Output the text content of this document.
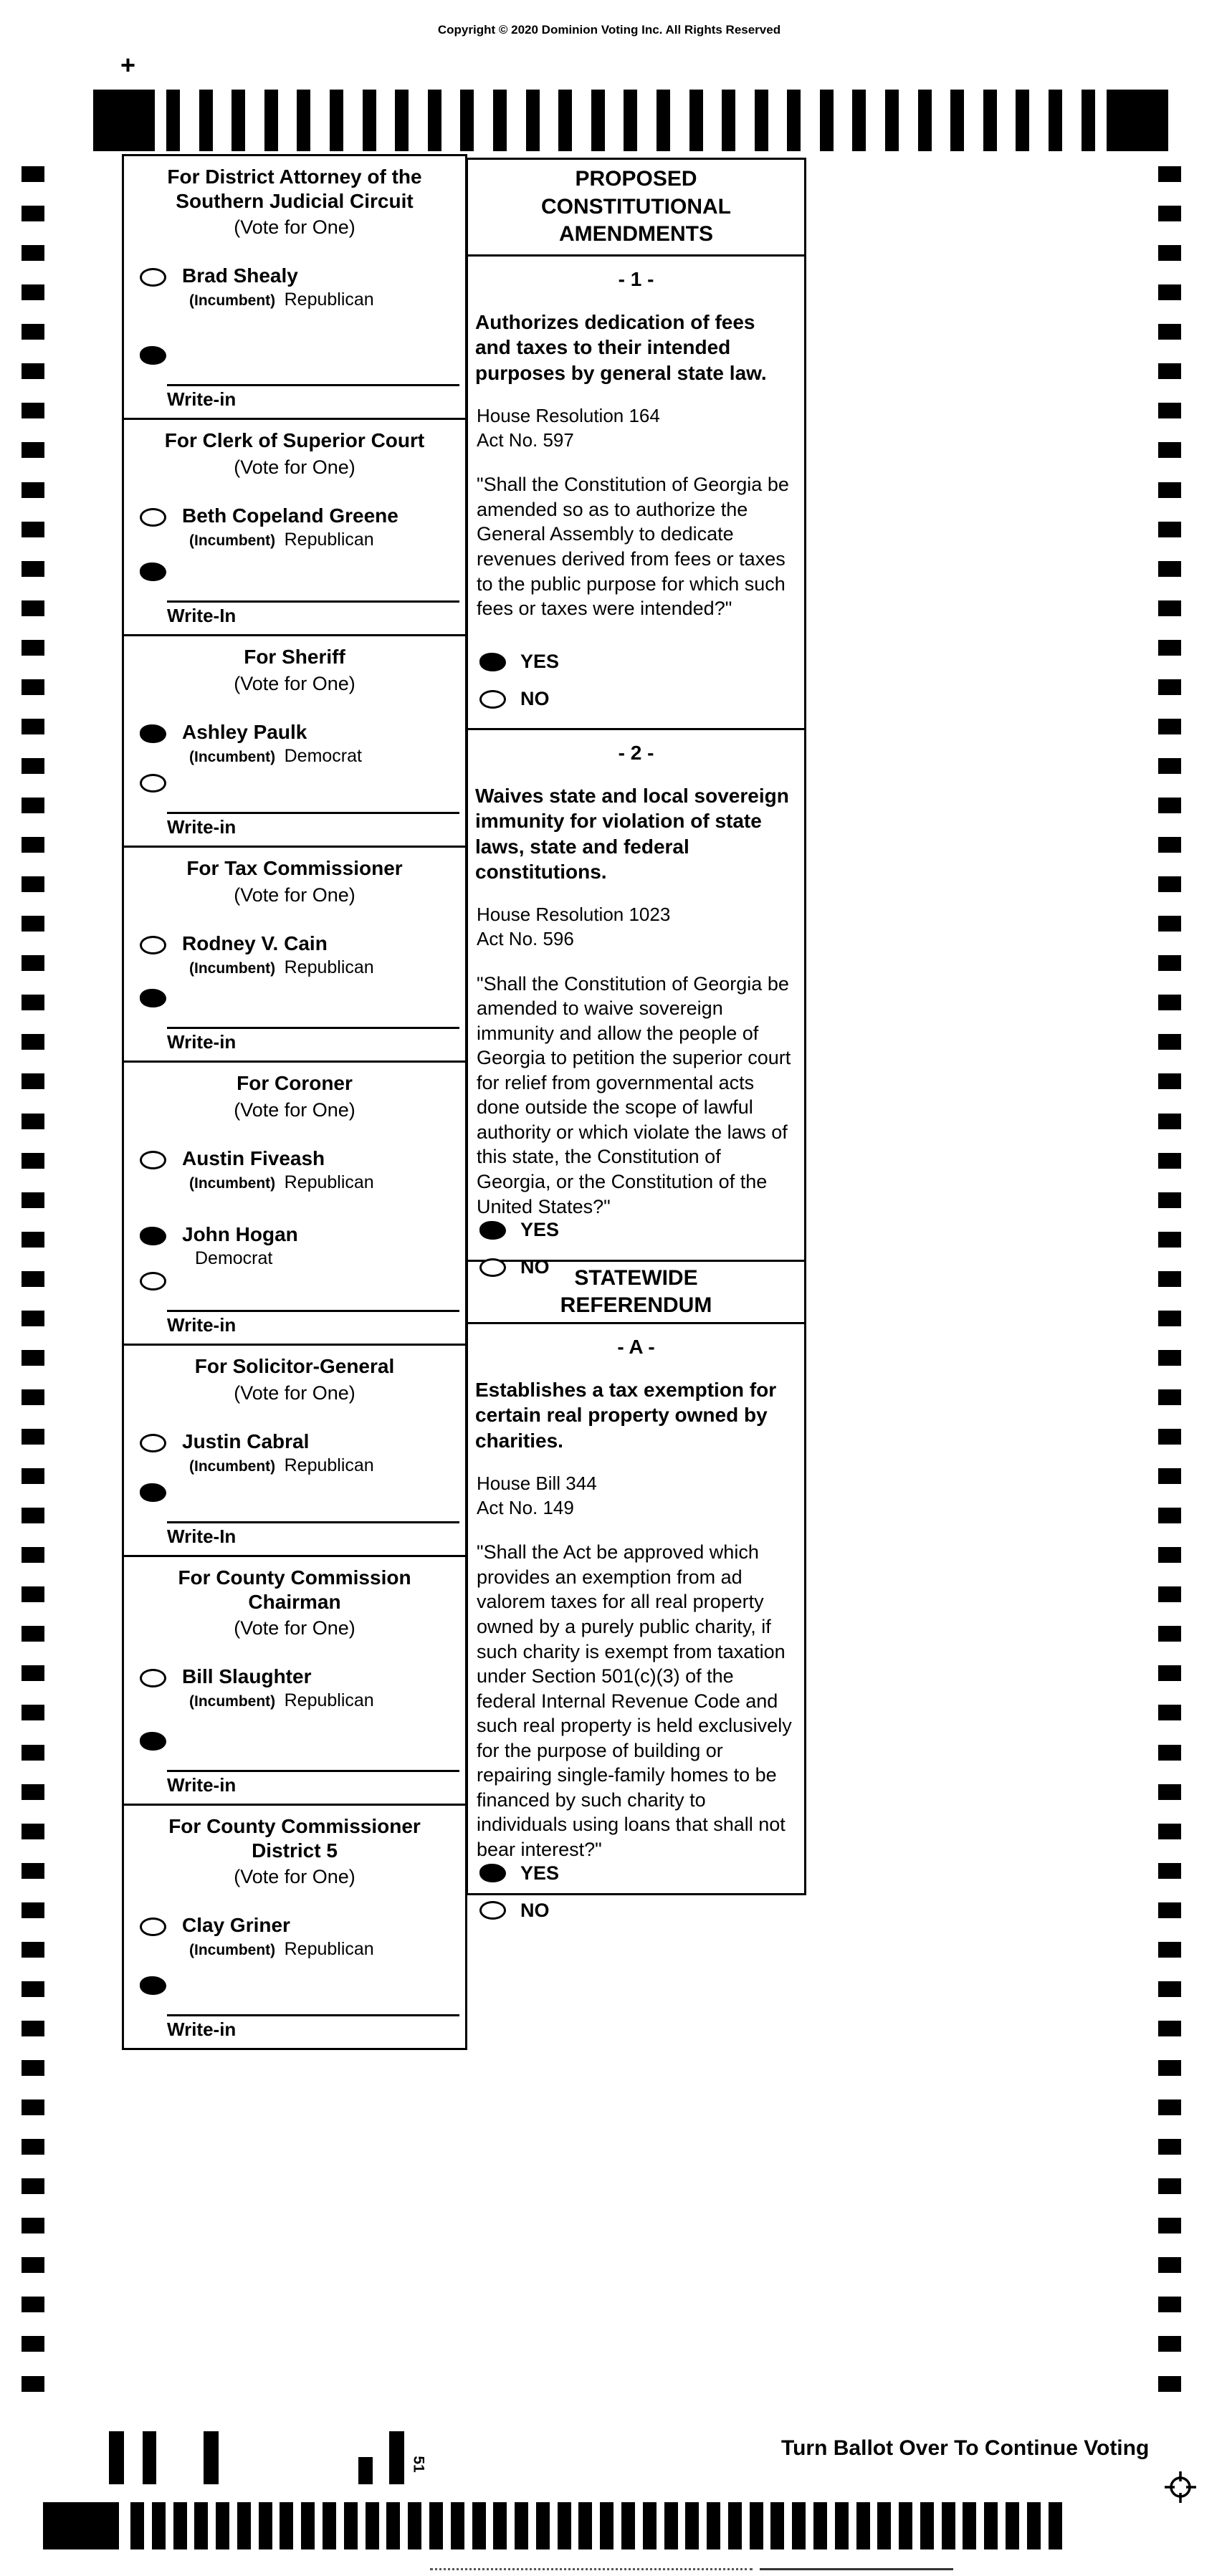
+
Copyright © 2020 Dominion Voting Inc. All Rights Reserved
For District Attorney of the
Southern Judicial Circuit
(Vote for One)
Brad Shealy
(Incumbent) Republican
Write-in
For Clerk of Superior Court
(Vote for One)
Beth Copeland Greene
(Incumbent) Republican
Write-In
For Sheriff
(Vote for One)
Ashley Paulk
(Incumbent) Democrat
Write-in
For Tax Commissioner
(Vote for One)
Rodney V. Cain
(Incumbent) Republican
Write-in
For Coroner
(Vote for One)
Austin Fiveash
(Incumbent) Republican
John Hogan
Democrat
Write-in
For Solicitor-General
(Vote for One)
Justin Cabral
(Incumbent) Republican
Write-In
For County Commission
Chairman
(Vote for One)
Bill Slaughter
(Incumbent) Republican
Write-in
For County Commissioner
District 5
(Vote for One)
Clay Griner
(Incumbent) Republican
Write-in
PROPOSED
CONSTITUTIONAL
AMENDMENTS
- 1 -
Authorizes dedication of fees and taxes to their intended purposes by general state law.
House Resolution 164
Act No. 597
"Shall the Constitution of Georgia be amended so as to authorize the General Assembly to dedicate revenues derived from fees or taxes to the public purpose for which such fees or taxes were intended?"
YES
NO
- 2 -
Waives state and local sovereign immunity for violation of state laws, state and federal constitutions.
House Resolution 1023
Act No. 596
"Shall the Constitution of Georgia be amended to waive sovereign immunity and allow the people of Georgia to petition the superior court for relief from governmental acts done outside the scope of lawful authority or which violate the laws of this state, the Constitution of Georgia, or the Constitution of the United States?"
YES
NO	STATEWIDE
REFERENDUM
- A -
Establishes a tax exemption for certain real property owned by charities.
House Bill 344
Act No. 149
"Shall the Act be approved which provides an exemption from ad valorem taxes for all real property owned by a purely public charity, if such charity is exempt from taxation under Section 501(c)(3) of the federal Internal Revenue Code and such real property is held exclusively for the purpose of building or repairing single-family homes to be financed by such charity to individuals using loans that shall not bear interest?"
YES
NO
Turn Ballot Over To Continue Voting
51
